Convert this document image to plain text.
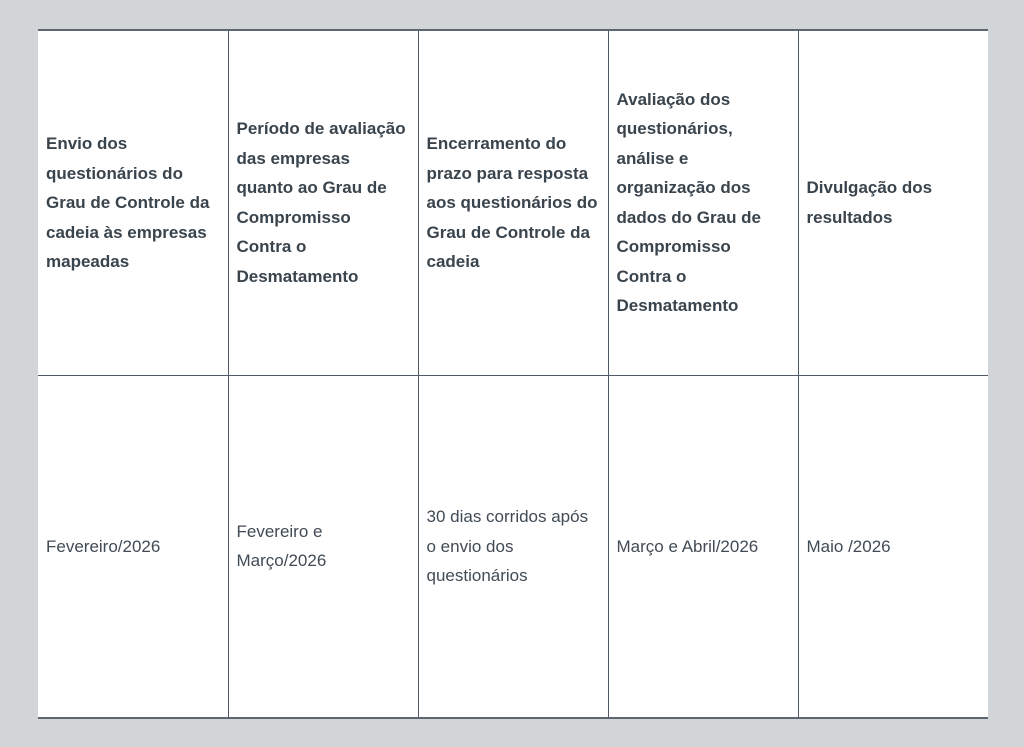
Envio dos questionários do Grau de Controle da cadeia às empresas mapeadas	Período de avaliação das empresas quanto ao Grau de Compromisso Contra o Desmatamento	Encerramento do prazo para resposta aos questionários do Grau de Controle da cadeia	Avaliação dos questionários, análise e organização dos dados do Grau de Compromisso Contra o Desmatamento	Divulgação dos resultados

Fevereiro/2026	Fevereiro e Março/2026	30 dias corridos após o envio dos questionários	Março e Abril/2026	Maio /2026
